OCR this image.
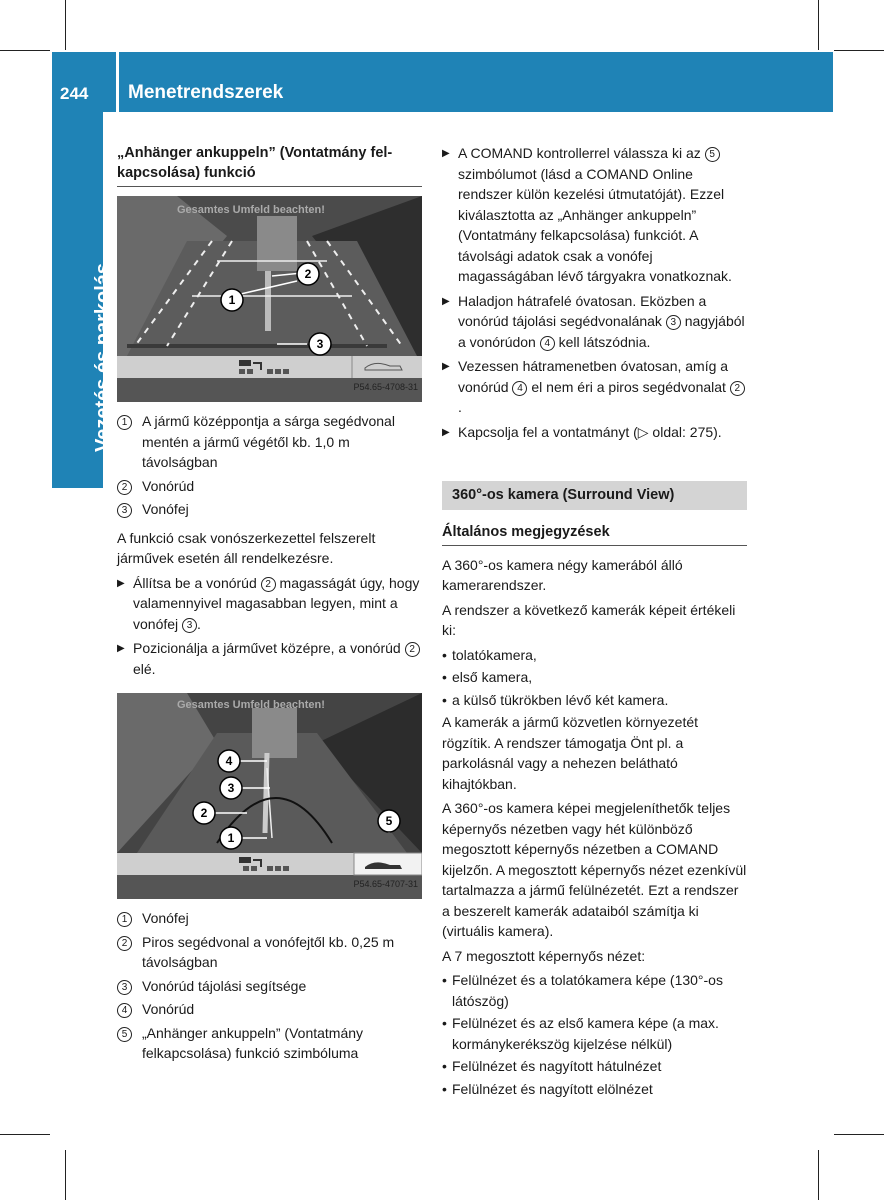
244 Menetrendszerek
Vezetés és parkolás
„Anhänger ankuppeln” (Vontatmány fel-kapcsolása) funkció
Gesamtes Umfeld beachten!
1
2
3
P54.65-4708-31
1	A jármű középpontja a sárga segédvonal mentén a jármű végétől kb. 1,0 m távolságban
2	Vonórúd
3	Vonófej

A funkció csak vonószerkezettel felszerelt járművek esetén áll rendelkezésre.

▶ Állítsa be a vonórúd 2 magasságát úgy, hogy valamennyivel magasabban legyen, mint a vonófej 3 .
▶ Pozicionálja a járművet középre, a vonórúd 2 elé.
Gesamtes Umfeld beachten!
4
3
2
1
5
P54.65-4707-31
1	Vonófej
2	Piros segédvonal a vonófejtől kb. 0,25 m távolságban
3	Vonórúd tájolási segítsége
4	Vonórúd
5	„Anhänger ankuppeln” (Vontatmány felkapcsolása) funkció szimbóluma
▶ A COMAND kontrollerrel válassza ki az 5 szimbólumot (lásd a COMAND Online rendszer külön kezelési útmutatóját). Ezzel kiválasztotta az „Anhänger ankuppeln” (Vontatmány felkapcsolása) funkciót. A távolsági adatok csak a vonófej magasságában lévő tárgyakra vonatkoznak.
▶ Haladjon hátrafelé óvatosan. Eközben a vonórúd tájolási segédvonalának 3 nagyjából a vonórúdon 4 kell látszódnia.
▶ Vezessen hátramenetben óvatosan, amíg a vonórúd 4 el nem éri a piros segédvonalat 2.
▶ Kapcsolja fel a vontatmányt (▷ oldal: 275).
360°-os kamera (Surround View)
Általános megjegyzések

A 360°-os kamera négy kamerából álló kamerarendszer.

A rendszer a következő kamerák képeit értékeli ki:

• tolatókamera,
• első kamera,
• a külső tükrökben lévő két kamera.

A kamerák a jármű közvetlen környezetét rögzítik. A rendszer támogatja Önt pl. a parkolásnál vagy a nehezen belátható kihajtókban.

A 360°-os kamera képei megjeleníthetők teljes képernyős nézetben vagy hét különböző megosztott képernyős nézetben a COMAND kijelzőn. A megosztott képernyős nézet ezenkívül tartalmazza a jármű felülnézetét. Ezt a rendszer a beszerelt kamerák adataiból számítja ki (virtuális kamera).

A 7 megosztott képernyős nézet:

• Felülnézet és a tolatókamera képe (130°-os látószög)
• Felülnézet és az első kamera képe (a max. kormánykerékszög kijelzése nélkül)
• Felülnézet és nagyított hátulnézet
• Felülnézet és nagyított elölnézet
